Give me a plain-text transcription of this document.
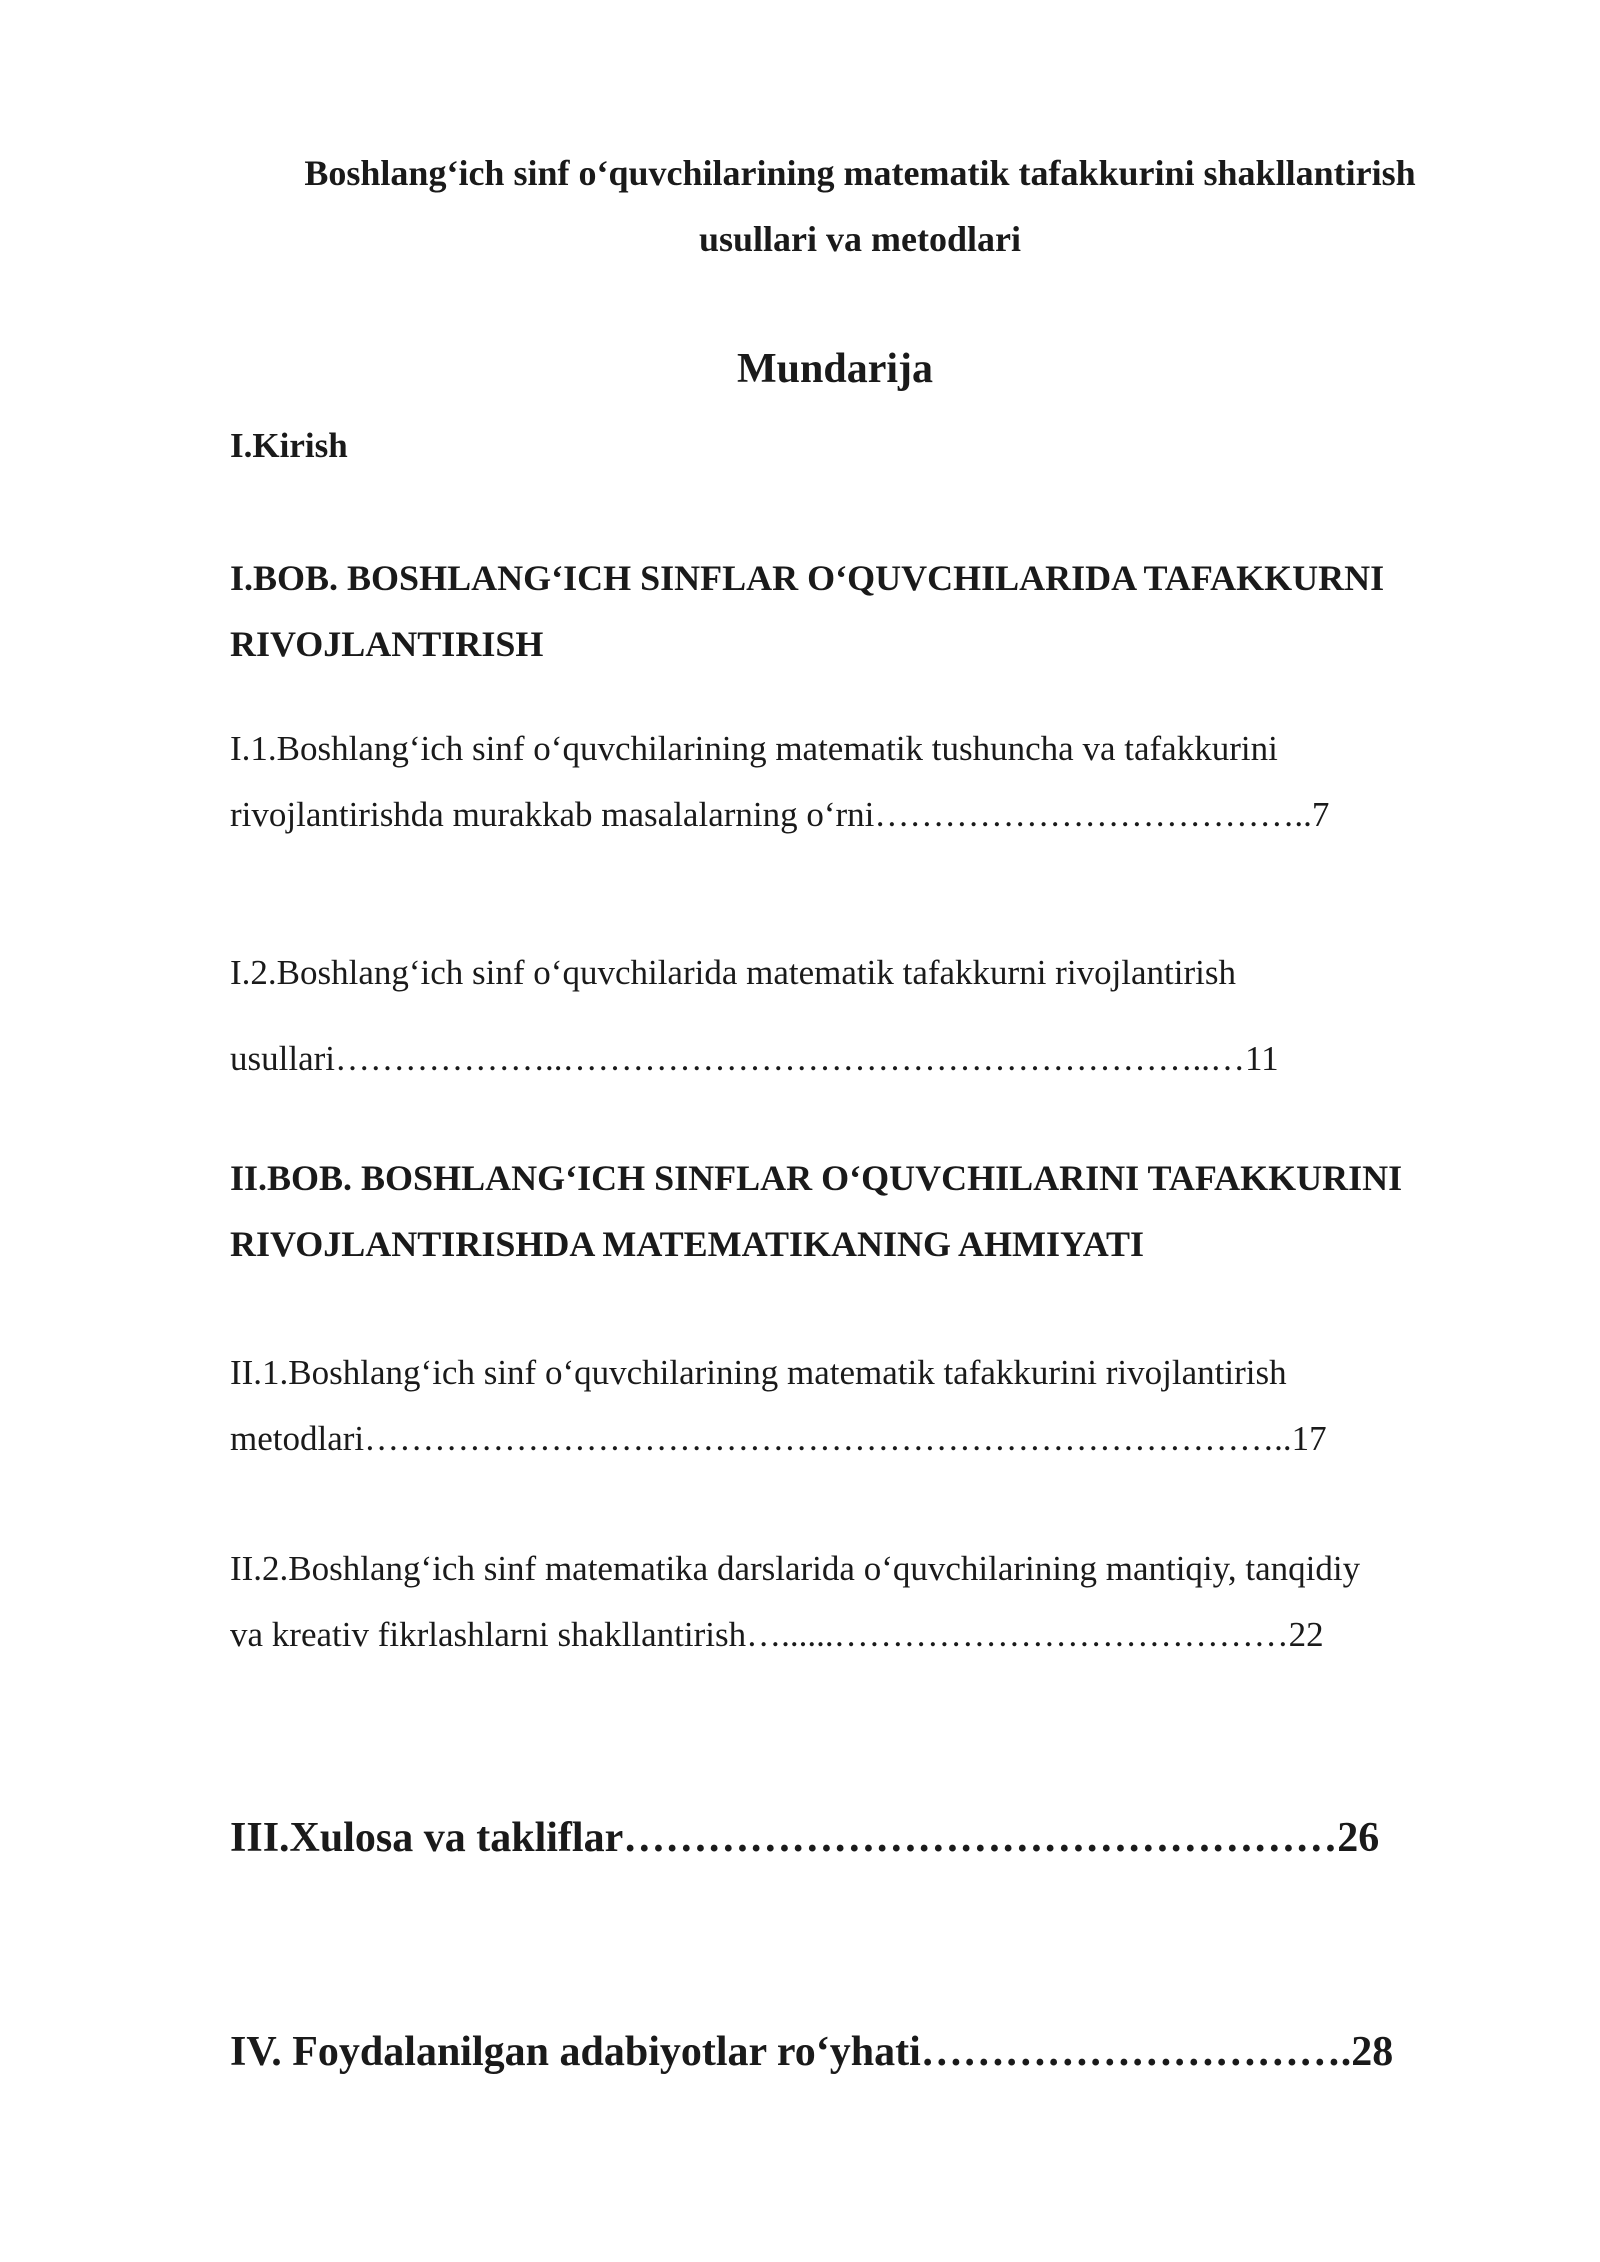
Boshlang‘ich sinf o‘quvchilarining matematik tafakkurini shakllantirish
usullari va metodlari
Mundarija
I.Kirish
I.BOB. BOSHLANG‘ICH SINFLAR O‘QUVCHILARIDA TAFAKKURNI
RIVOJLANTIRISH
I.1.Boshlang‘ich sinf o‘quvchilarining matematik tushuncha va tafakkurini
rivojlantirishda murakkab masalalarning o‘rni………………………………..7
I.2.Boshlang‘ich sinf o‘quvchilarida matematik tafakkurni rivojlantirish
usullari………………..………………………………………………..…11
II.BOB. BOSHLANG‘ICH SINFLAR O‘QUVCHILARINI TAFAKKURINI
RIVOJLANTIRISHDA MATEMATIKANING AHMIYATI
II.1.Boshlang‘ich sinf o‘quvchilarining matematik tafakkurini rivojlantirish
metodlari……………………………………………………………………..17
II.2.Boshlang‘ich sinf matematika darslarida o‘quvchilarining mantiqiy, tanqidiy
va kreativ fikrlashlarni shakllantirish…......…………………………………22
III.Xulosa va takliflar……………………………………………26
IV. Foydalanilgan adabiyotlar ro‘yhati………………………….28
